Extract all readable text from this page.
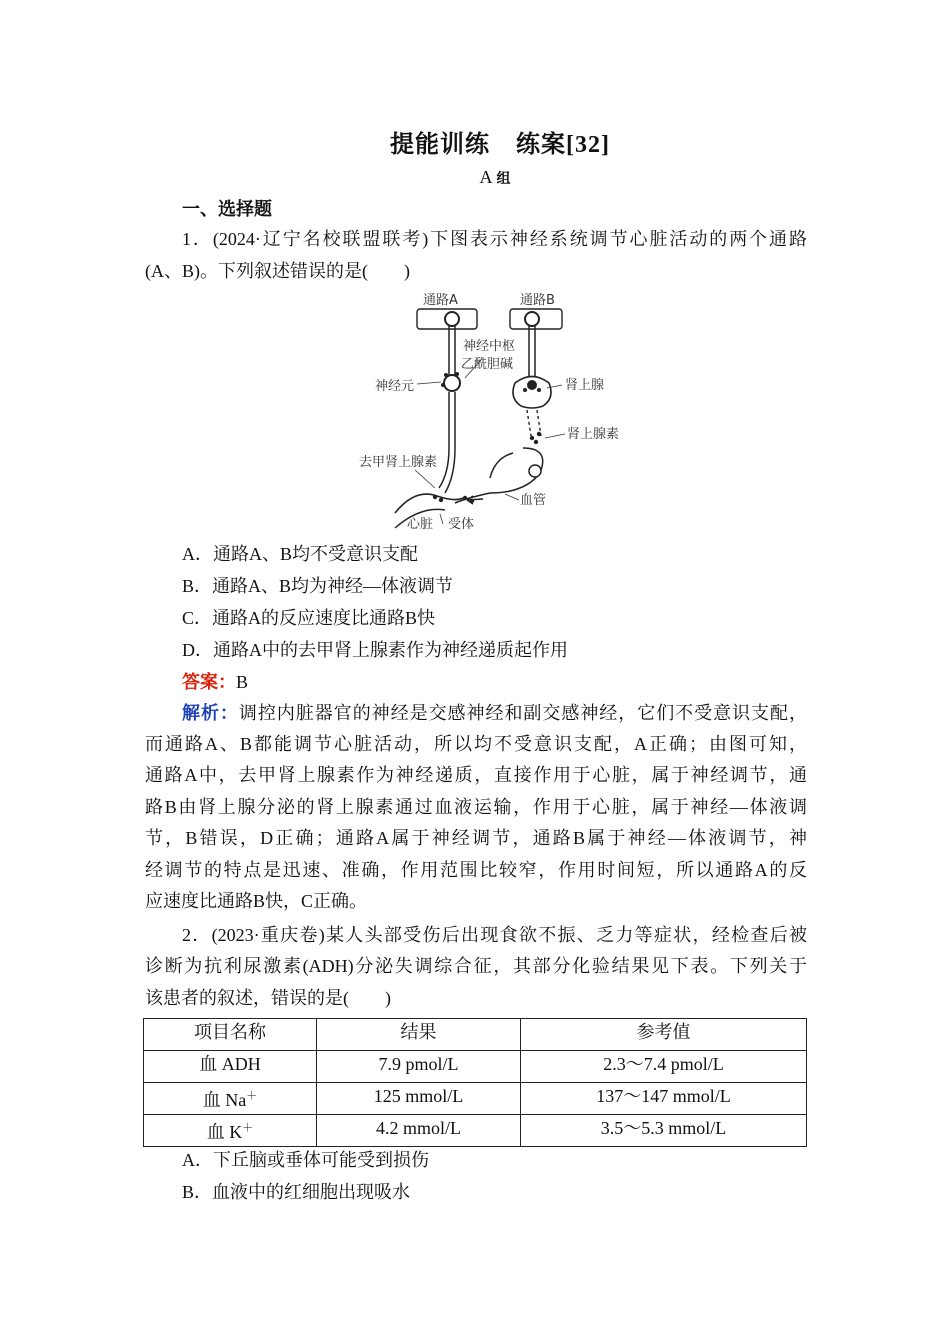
提能训练 练案[32]
A 组
一、选择题
1．(2024·辽宁名校联盟联考)下图表示神经系统调节心脏活动的两个通路
(A、B)。下列叙述错误的是(　　)
通路A	通路B
神经中枢
乙酰胆碱
神经元	肾上腺
肾上腺素
去甲肾上腺素
血管
心脏 受体
A．通路A、B均不受意识支配
B．通路A、B均为神经—体液调节
C．通路A的反应速度比通路B快
D．通路A中的去甲肾上腺素作为神经递质起作用
答案：B
解析：调控内脏器官的神经是交感神经和副交感神经，它们不受意识支配，
而通路A、B都能调节心脏活动，所以均不受意识支配，A正确；由图可知，
通路A中，去甲肾上腺素作为神经递质，直接作用于心脏，属于神经调节，通
路B由肾上腺分泌的肾上腺素通过血液运输，作用于心脏，属于神经—体液调
节，B错误，D正确；通路A属于神经调节，通路B属于神经—体液调节，神
经调节的特点是迅速、准确，作用范围比较窄，作用时间短，所以通路A的反
应速度比通路B快，C正确。
2．(2023·重庆卷)某人头部受伤后出现食欲不振、乏力等症状，经检查后被
诊断为抗利尿激素(ADH)分泌失调综合征，其部分化验结果见下表。下列关于
该患者的叙述，错误的是(　　)
项目名称	结果	参考值
血 ADH	7.9 pmol/L	2.3～7.4 pmol/L
血 Na＋	125 mmol/L	137～147 mmol/L
血 K＋	4.2 mmol/L	3.5～5.3 mmol/L
A．下丘脑或垂体可能受到损伤
B．血液中的红细胞出现吸水
